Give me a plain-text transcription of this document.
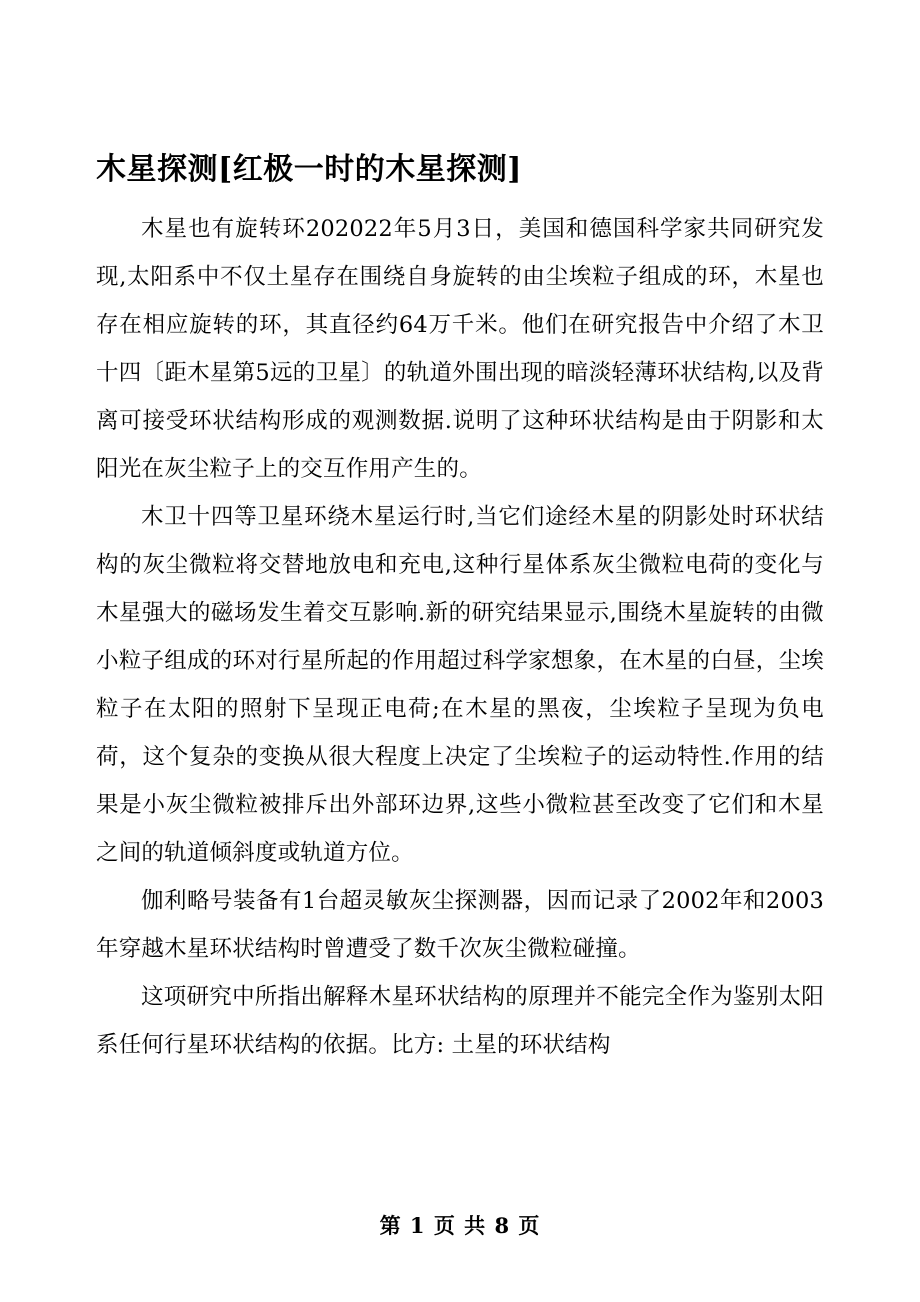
木星探测[红极一时的木星探测]

木星也有旋转环202022年5月3日，美国和德国科学家共同研究发现,太阳系中不仅土星存在围绕自身旋转的由尘埃粒子组成的环，木星也存在相应旋转的环，其直径约64万千米。他们在研究报告中介绍了木卫十四〔距木星第5远的卫星〕的轨道外围出现的暗淡轻薄环状结构,以及背离可接受环状结构形成的观测数据.说明了这种环状结构是由于阴影和太阳光在灰尘粒子上的交互作用产生的。

木卫十四等卫星环绕木星运行时,当它们途经木星的阴影处时环状结构的灰尘微粒将交替地放电和充电,这种行星体系灰尘微粒电荷的变化与木星强大的磁场发生着交互影响.新的研究结果显示,围绕木星旋转的由微小粒子组成的环对行星所起的作用超过科学家想象，在木星的白昼，尘埃粒子在太阳的照射下呈现正电荷;在木星的黑夜，尘埃粒子呈现为负电荷，这个复杂的变换从很大程度上决定了尘埃粒子的运动特性.作用的结果是小灰尘微粒被排斥出外部环边界,这些小微粒甚至改变了它们和木星之间的轨道倾斜度或轨道方位。

伽利略号装备有1台超灵敏灰尘探测器，因而记录了2002年和2003年穿越木星环状结构时曾遭受了数千次灰尘微粒碰撞。

这项研究中所指出解释木星环状结构的原理并不能完全作为鉴别太阳系任何行星环状结构的依据。比方: 土星的环状结构

第 1 页 共 8 页
